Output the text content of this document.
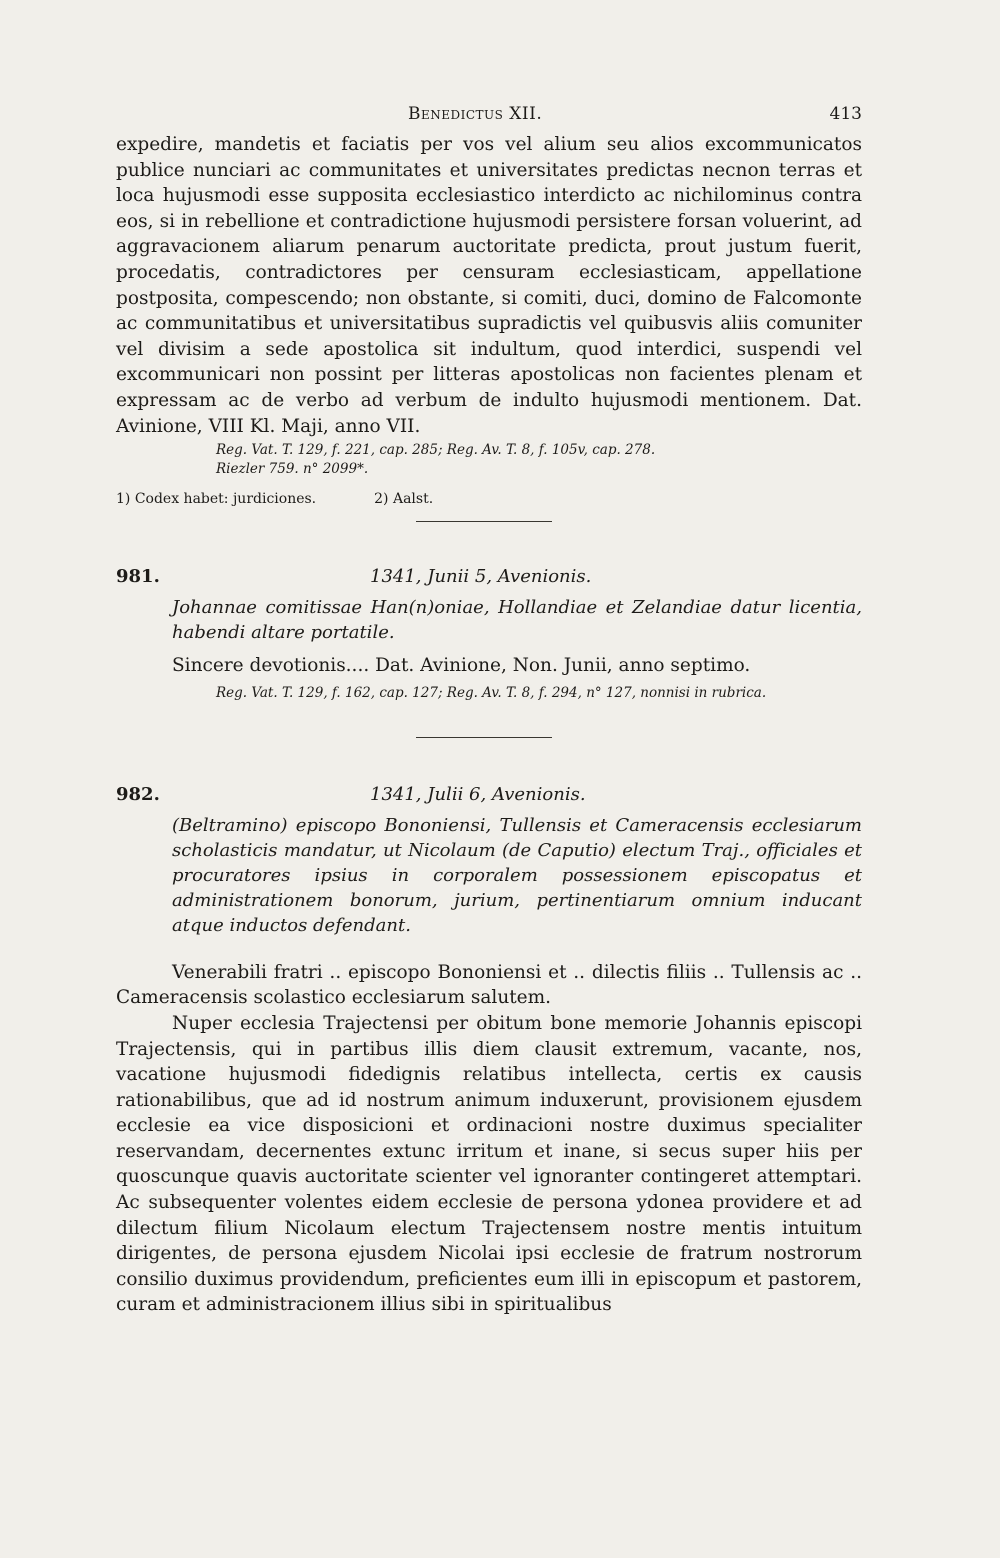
Benedictus XII.	413

expedire, mandetis et faciatis per vos vel alium seu alios excommunicatos publice nunciari ac communitates et universitates predictas necnon terras et loca hujusmodi esse supposita ecclesiastico interdicto ac nichilominus contra eos, si in rebellione et contradictione hujusmodi persistere forsan voluerint, ad aggravacionem aliarum penarum auctoritate predicta, prout justum fuerit, procedatis, contradictores per censuram ecclesiasticam, appellatione postposita, compescendo; non obstante, si comiti, duci, domino de Falcomonte ac communitatibus et universitatibus supradictis vel quibusvis aliis comuniter vel divisim a sede apostolica sit indultum, quod interdici, suspendi vel excommunicari non possint per litteras apostolicas non facientes plenam et expressam ac de verbo ad verbum de indulto hujusmodi mentionem. Dat. Avinione, VIII Kl. Maji, anno VII.

Reg. Vat. T. 129, f. 221, cap. 285; Reg. Av. T. 8, f. 105v, cap. 278.
Riezler 759. n° 2099*.
1) Codex habet: jurdiciones.	2) Aalst.
981.	1341, Junii 5, Avenionis.
Johannae comitissae Han(n)oniae, Hollandiae et Zelandiae datur licentia, habendi altare portatile.
Sincere devotionis.... Dat. Avinione, Non. Junii, anno septimo.
Reg. Vat. T. 129, f. 162, cap. 127; Reg. Av. T. 8, f. 294, n° 127, nonnisi in rubrica.
982.	1341, Julii 6, Avenionis.
(Beltramino) episcopo Bononiensi, Tullensis et Cameracensis ecclesiarum scholasticis mandatur, ut Nicolaum (de Caputio) electum Traj., officiales et procuratores ipsius in corporalem possessionem episcopatus et administrationem bonorum, jurium, pertinentiarum omnium inducant atque inductos defendant.

Venerabili fratri .. episcopo Bononiensi et .. dilectis filiis .. Tullensis ac .. Cameracensis scolastico ecclesiarum salutem.

Nuper ecclesia Trajectensi per obitum bone memorie Johannis episcopi Trajectensis, qui in partibus illis diem clausit extremum, vacante, nos, vacatione hujusmodi fidedignis relatibus intellecta, certis ex causis rationabilibus, que ad id nostrum animum induxerunt, provisionem ejusdem ecclesie ea vice disposicioni et ordinacioni nostre duximus specialiter reservandam, decernentes extunc irritum et inane, si secus super hiis per quoscunque quavis auctoritate scienter vel ignoranter contingeret attemptari. Ac subsequenter volentes eidem ecclesie de persona ydonea providere et ad dilectum filium Nicolaum electum Trajectensem nostre mentis intuitum dirigentes, de persona ejusdem Nicolai ipsi ecclesie de fratrum nostrorum consilio duximus providendum, preficientes eum illi in episcopum et pastorem, curam et administracionem illius sibi in spiritualibus
